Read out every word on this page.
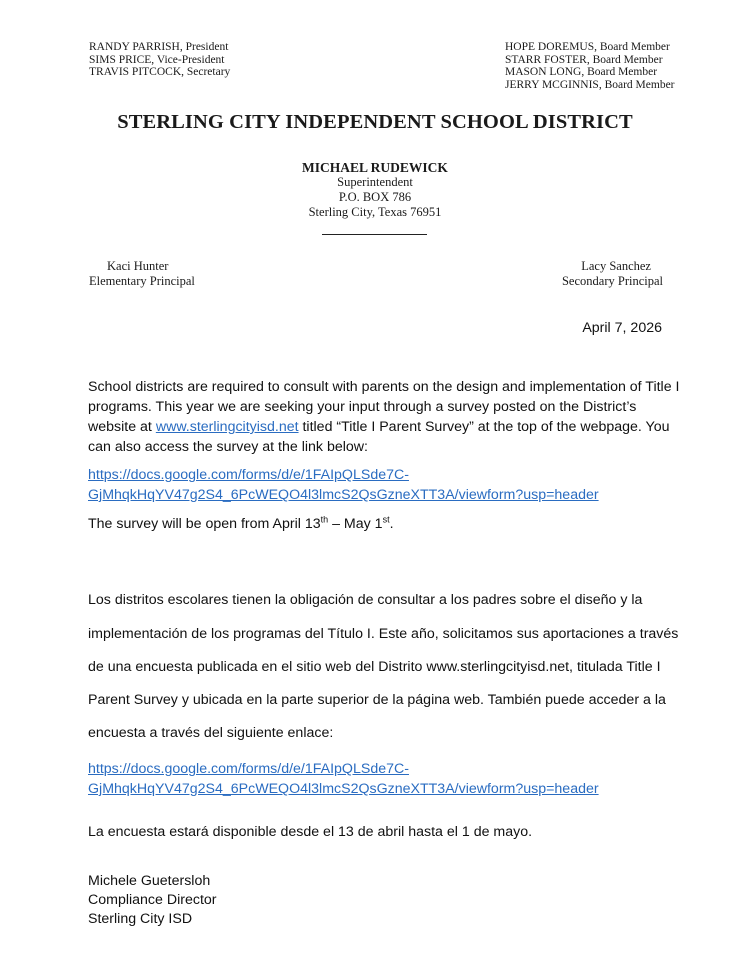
RANDY PARRISH, President
SIMS PRICE, Vice-President
TRAVIS PITCOCK, Secretary
HOPE DOREMUS, Board Member
STARR FOSTER, Board Member
MASON LONG, Board Member
JERRY MCGINNIS, Board Member
STERLING CITY INDEPENDENT SCHOOL DISTRICT
MICHAEL RUDEWICK
Superintendent
P.O. BOX 786
Sterling City, Texas 76951
Kaci Hunter
Elementary Principal
Lacy Sanchez
Secondary Principal
April 7, 2026
School districts are required to consult with parents on the design and implementation of Title I
programs. This year we are seeking your input through a survey posted on the District’s
website at www.sterlingcityisd.net titled “Title I Parent Survey” at the top of the webpage. You
can also access the survey at the link below:
https://docs.google.com/forms/d/e/1FAIpQLSde7C-
GjMhqkHqYV47g2S4_6PcWEQO4l3lmcS2QsGzneXTT3A/viewform?usp=header
The survey will be open from April 13th – May 1st.
Los distritos escolares tienen la obligación de consultar a los padres sobre el diseño y la
implementación de los programas del Título I. Este año, solicitamos sus aportaciones a través
de una encuesta publicada en el sitio web del Distrito www.sterlingcityisd.net, titulada Title I
Parent Survey y ubicada en la parte superior de la página web. También puede acceder a la
encuesta a través del siguiente enlace:
https://docs.google.com/forms/d/e/1FAIpQLSde7C-
GjMhqkHqYV47g2S4_6PcWEQO4l3lmcS2QsGzneXTT3A/viewform?usp=header
La encuesta estará disponible desde el 13 de abril hasta el 1 de mayo.
Michele Guetersloh
Compliance Director
Sterling City ISD
